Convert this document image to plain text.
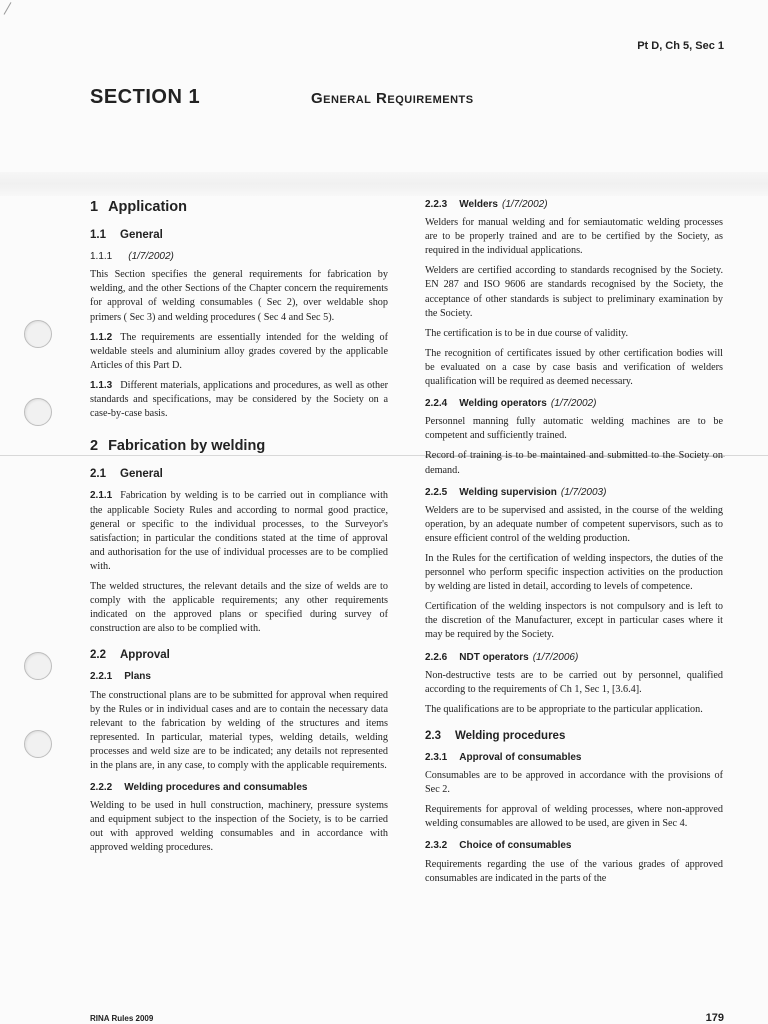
Pt D, Ch 5, Sec 1
SECTION 1	General Requirements
1 Application
1.1 General
1.1.1 (1/7/2002)

This Section specifies the general requirements for fabrication by welding, and the other Sections of the Chapter concern the requirements for approval of welding consumables ( Sec 2), over weldable shop primers ( Sec 3) and welding procedures ( Sec 4 and Sec 5).

1.1.2 The requirements are essentially intended for the welding of weldable steels and aluminium alloy grades covered by the applicable Articles of this Part D.

1.1.3 Different materials, applications and procedures, as well as other standards and specifications, may be considered by the Society on a case-by-case basis.

2 Fabrication by welding
2.1 General

2.1.1 Fabrication by welding is to be carried out in compliance with the applicable Society Rules and according to normal good practice, general or specific to the individual processes, to the Surveyor's satisfaction; in particular the conditions stated at the time of approval and authorisation for the use of individual processes are to be complied with.

The welded structures, the relevant details and the size of welds are to comply with the applicable requirements; any other requirements indicated on the approved plans or specified during survey of construction are also to be complied with.

2.2 Approval
2.2.1 Plans

The constructional plans are to be submitted for approval when required by the Rules or in individual cases and are to contain the necessary data relevant to the fabrication by welding of the structures and items represented. In particular, material types, welding details, welding processes and weld size are to be indicated; any details not represented in the plans are, in any case, to comply with the applicable requirements.

2.2.2 Welding procedures and consumables

Welding to be used in hull construction, machinery, pressure systems and equipment subject to the inspection of the Society, is to be carried out with approved welding consumables and in accordance with approved welding procedures.

2.2.3 Welders (1/7/2002)

Welders for manual welding and for semiautomatic welding processes are to be properly trained and are to be certified by the Society, as required in the individual applications.

Welders are certified according to standards recognised by the Society. EN 287 and ISO 9606 are standards recognised by the Society, the acceptance of other standards is subject to preliminary examination by the Society.

The certification is to be in due course of validity.

The recognition of certificates issued by other certification bodies will be evaluated on a case by case basis and verification of welders qualification will be required as deemed necessary.

2.2.4 Welding operators (1/7/2002)

Personnel manning fully automatic welding machines are to be competent and sufficiently trained.

Record of training is to be maintained and submitted to the Society on demand.

2.2.5 Welding supervision (1/7/2003)

Welders are to be supervised and assisted, in the course of the welding operation, by an adequate number of competent supervisors, such as to ensure efficient control of the welding production.

In the Rules for the certification of welding inspectors, the duties of the personnel who perform specific inspection activities on the production by welding are listed in detail, according to levels of competence.

Certification of the welding inspectors is not compulsory and is left to the discretion of the Manufacturer, except in particular cases where it may be required by the Society.

2.2.6 NDT operators (1/7/2006)

Non-destructive tests are to be carried out by personnel, qualified according to the requirements of Ch 1, Sec 1, [3.6.4].

The qualifications are to be appropriate to the particular application.

2.3 Welding procedures
2.3.1 Approval of consumables

Consumables are to be approved in accordance with the provisions of Sec 2.

Requirements for approval of welding processes, where non-approved welding consumables are allowed to be used, are given in Sec 4.

2.3.2 Choice of consumables

Requirements regarding the use of the various grades of approved consumables are indicated in the parts of the

RINA Rules 2009	179
